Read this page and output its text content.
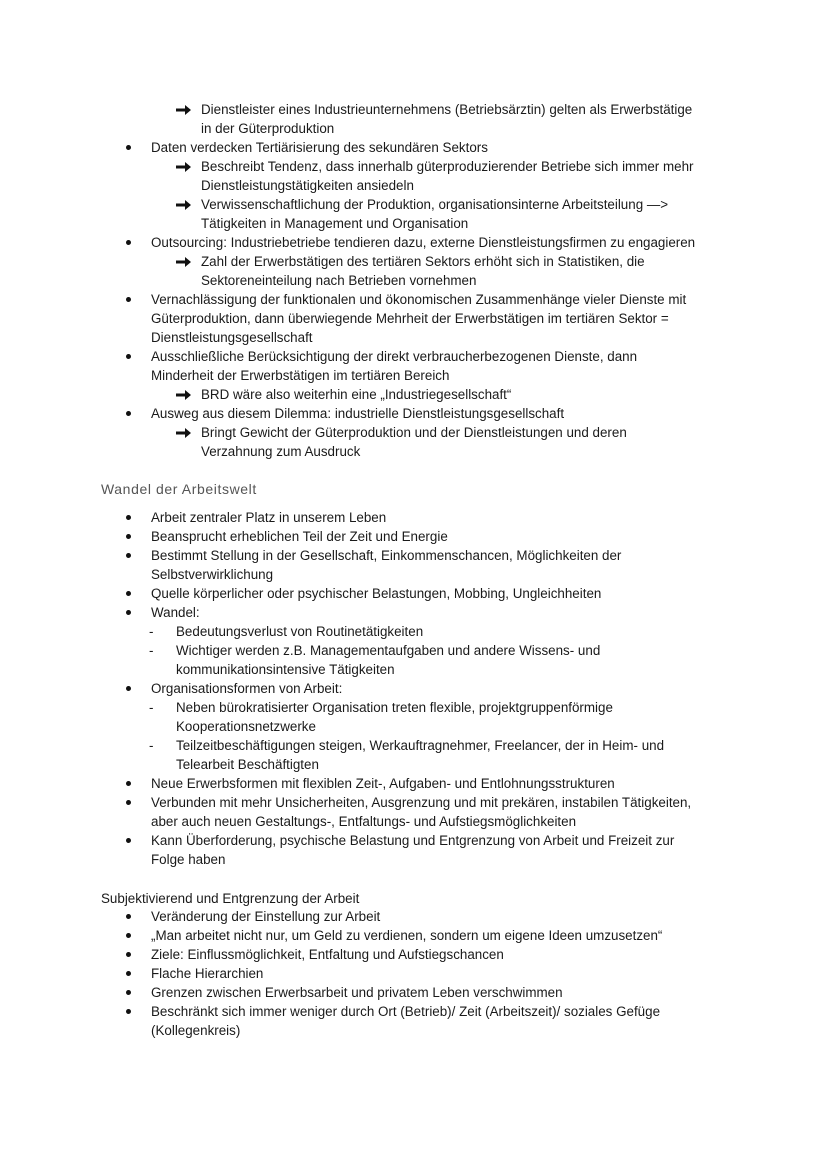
Dienstleister eines Industrieunternehmens (Betriebsärztin) gelten als Erwerbstätige
in der Güterproduktion
Daten verdecken Tertiärisierung des sekundären Sektors
Beschreibt Tendenz, dass innerhalb güterproduzierender Betriebe sich immer mehr
Dienstleistungstätigkeiten ansiedeln
Verwissenschaftlichung der Produktion, organisationsinterne Arbeitsteilung —>
Tätigkeiten in Management und Organisation
Outsourcing: Industriebetriebe tendieren dazu, externe Dienstleistungsfirmen zu engagieren
Zahl der Erwerbstätigen des tertiären Sektors erhöht sich in Statistiken, die
Sektoreneinteilung nach Betrieben vornehmen
Vernachlässigung der funktionalen und ökonomischen Zusammenhänge vieler Dienste mit
Güterproduktion, dann überwiegende Mehrheit der Erwerbstätigen im tertiären Sektor =
Dienstleistungsgesellschaft
Ausschließliche Berücksichtigung der direkt verbraucherbezogenen Dienste, dann
Minderheit der Erwerbstätigen im tertiären Bereich
BRD wäre also weiterhin eine „Industriegesellschaft“
Ausweg aus diesem Dilemma: industrielle Dienstleistungsgesellschaft
Bringt Gewicht der Güterproduktion und der Dienstleistungen und deren
Verzahnung zum Ausdruck
Wandel der Arbeitswelt
Arbeit zentraler Platz in unserem Leben
Beansprucht erheblichen Teil der Zeit und Energie
Bestimmt Stellung in der Gesellschaft, Einkommenschancen, Möglichkeiten der
Selbstverwirklichung
Quelle körperlicher oder psychischer Belastungen, Mobbing, Ungleichheiten
Wandel:
- Bedeutungsverlust von Routinetätigkeiten
- Wichtiger werden z.B. Managementaufgaben und andere Wissens- und
kommunikationsintensive Tätigkeiten
Organisationsformen von Arbeit:
- Neben bürokratisierter Organisation treten flexible, projektgruppenförmige
Kooperationsnetzwerke
- Teilzeitbeschäftigungen steigen, Werkauftragnehmer, Freelancer, der in Heim- und
Telearbeit Beschäftigten
Neue Erwerbsformen mit flexiblen Zeit-, Aufgaben- und Entlohnungsstrukturen
Verbunden mit mehr Unsicherheiten, Ausgrenzung und mit prekären, instabilen Tätigkeiten,
aber auch neuen Gestaltungs-, Entfaltungs- und Aufstiegsmöglichkeiten
Kann Überforderung, psychische Belastung und Entgrenzung von Arbeit und Freizeit zur
Folge haben
Subjektivierend und Entgrenzung der Arbeit
Veränderung der Einstellung zur Arbeit
„Man arbeitet nicht nur, um Geld zu verdienen, sondern um eigene Ideen umzusetzen“
Ziele: Einflussmöglichkeit, Entfaltung und Aufstiegschancen
Flache Hierarchien
Grenzen zwischen Erwerbsarbeit und privatem Leben verschwimmen
Beschränkt sich immer weniger durch Ort (Betrieb)/ Zeit (Arbeitszeit)/ soziales Gefüge
(Kollegenkreis)
